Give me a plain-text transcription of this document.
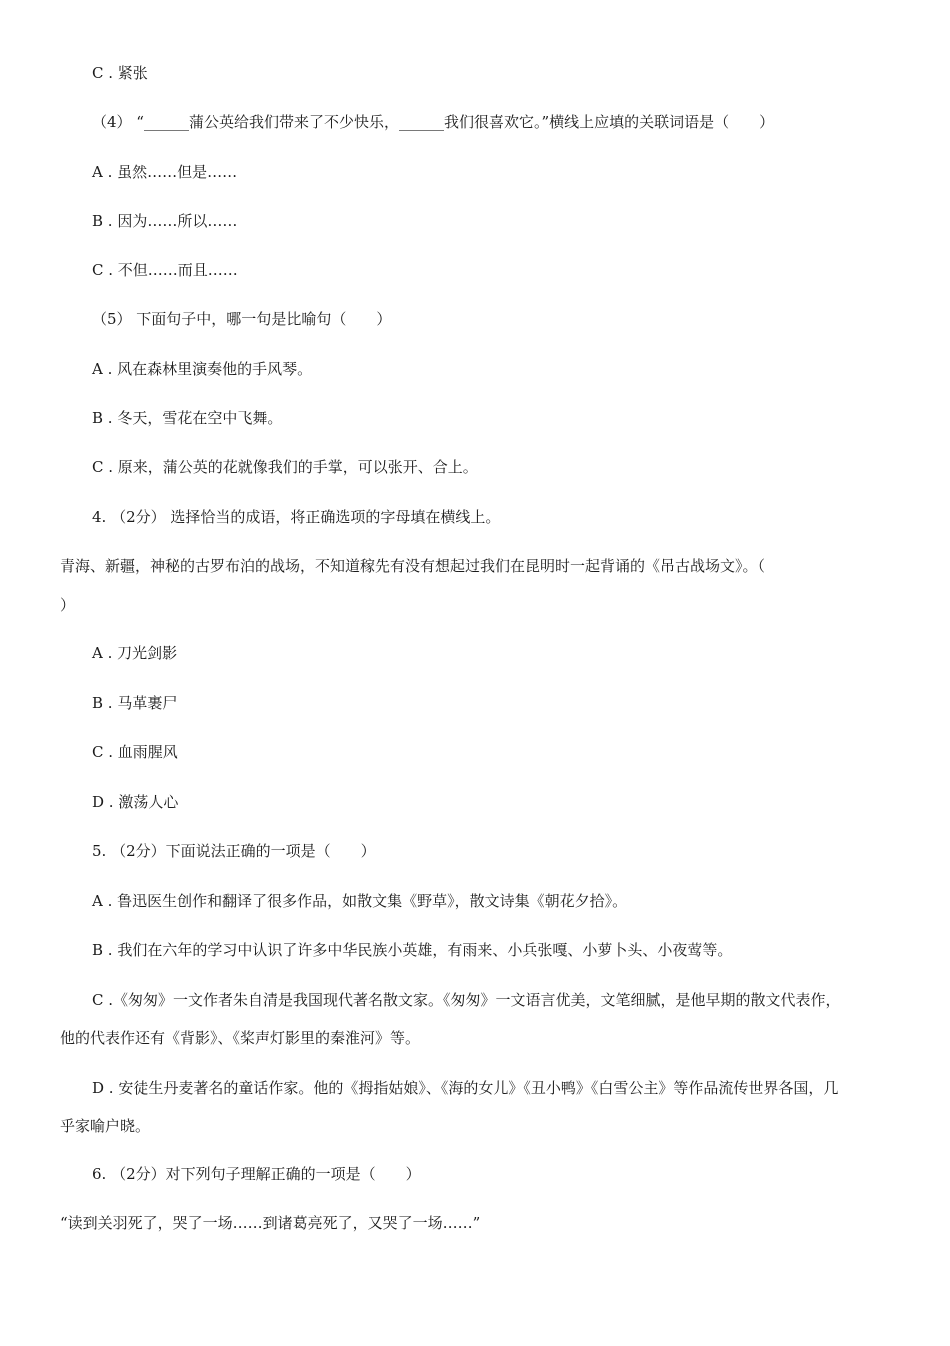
C . 紧张
（4） “______蒲公英给我们带来了不少快乐，______我们很喜欢它。”横线上应填的关联词语是（　　）
A . 虽然……但是……
B . 因为……所以……
C . 不但……而且……
（5） 下面句子中，哪一句是比喻句（　　）
A . 风在森林里演奏他的手风琴。
B . 冬天，雪花在空中飞舞。
C . 原来，蒲公英的花就像我们的手掌，可以张开、合上。
4. （2分） 选择恰当的成语，将正确选项的字母填在横线上。
青海、新疆，神秘的古罗布泊的战场，不知道稼先有没有想起过我们在昆明时一起背诵的《吊古战场文》。（
）
A . 刀光剑影
B . 马革裹尸
C . 血雨腥风
D . 激荡人心
5. （2分）下面说法正确的一项是（　　）
A . 鲁迅医生创作和翻译了很多作品，如散文集《野草》，散文诗集《朝花夕拾》。
B . 我们在六年的学习中认识了许多中华民族小英雄，有雨来、小兵张嘎、小萝卜头、小夜莺等。
C .《匆匆》一文作者朱自清是我国现代著名散文家。《匆匆》一文语言优美，文笔细腻，是他早期的散文代表作，
他的代表作还有《背影》、《桨声灯影里的秦淮河》等。
D . 安徒生丹麦著名的童话作家。他的《拇指姑娘》、《海的女儿》《丑小鸭》《白雪公主》等作品流传世界各国，几
乎家喻户晓。
6. （2分）对下列句子理解正确的一项是（　　）
“读到关羽死了，哭了一场……到诸葛亮死了，又哭了一场……”
